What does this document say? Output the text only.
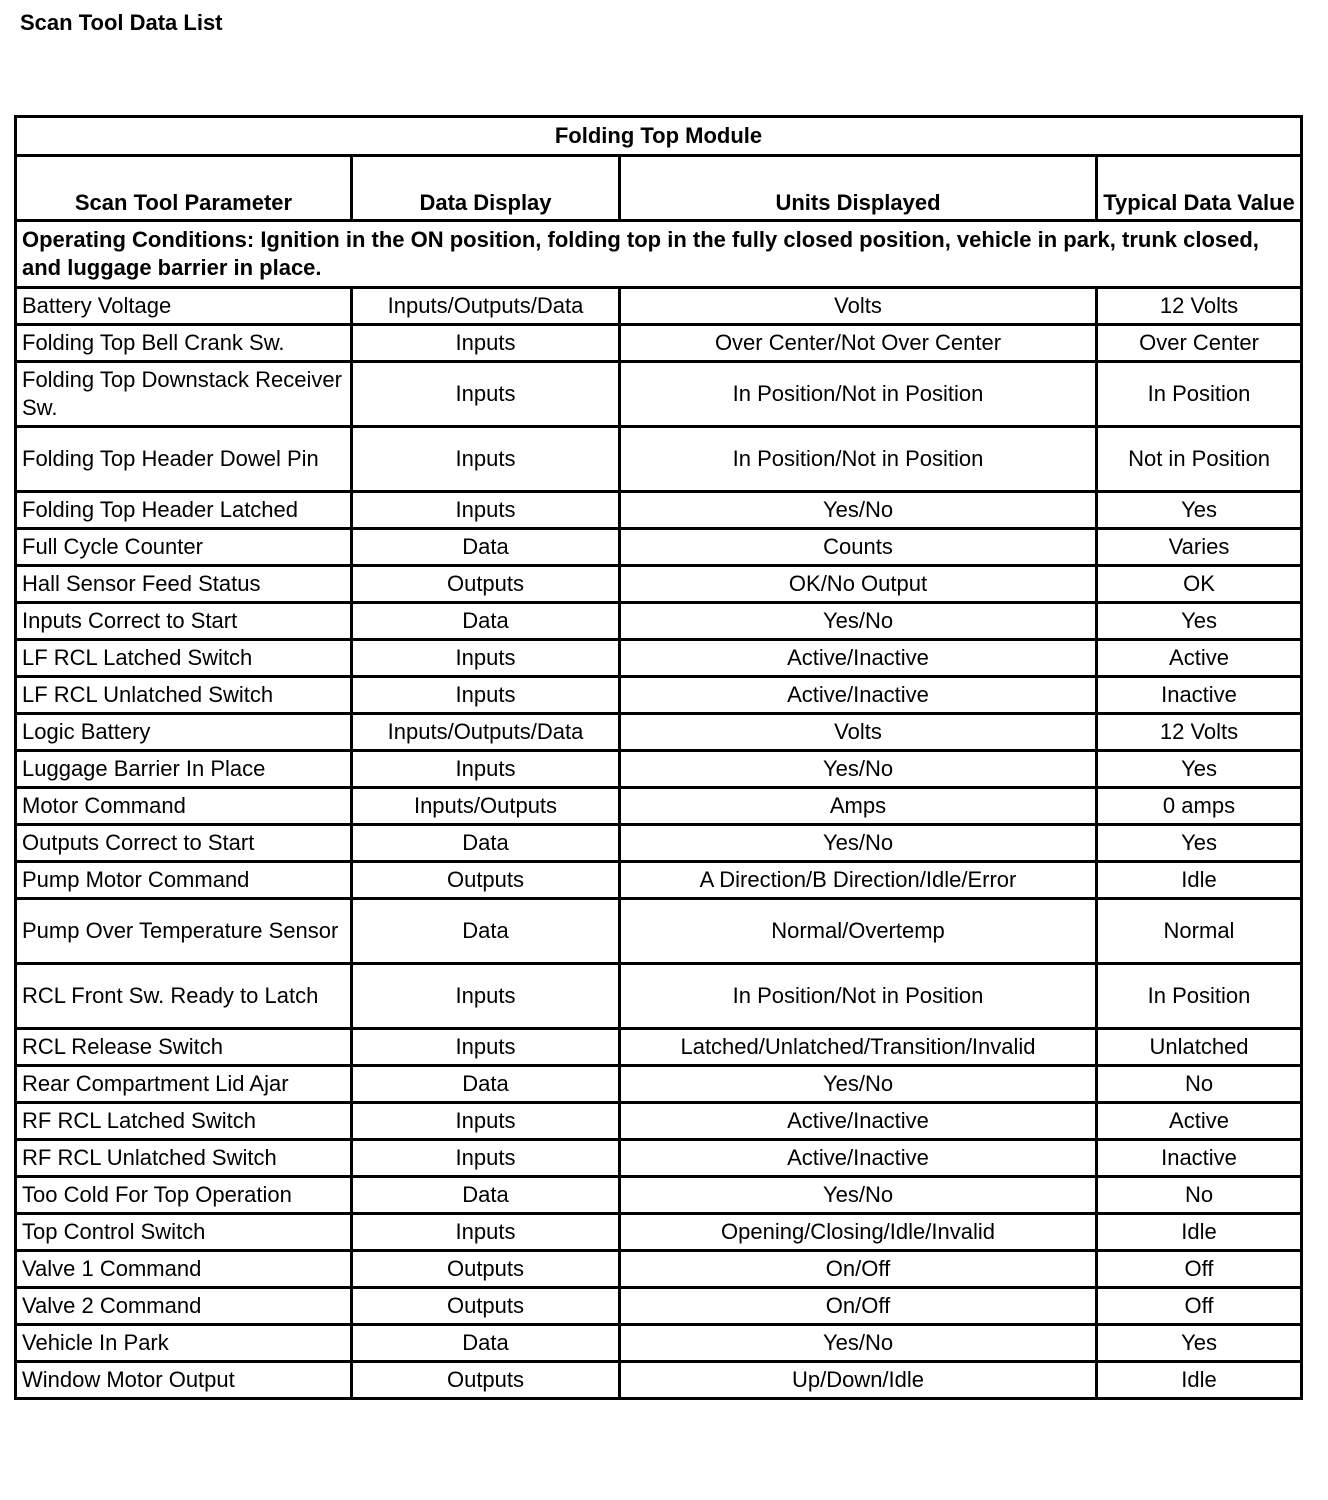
Scan Tool Data List
Folding Top Module			
Scan Tool Parameter	Data Display	Units Displayed	Typical Data Value
Operating Conditions: Ignition in the ON position, folding top in the fully closed position, vehicle in park, trunk closed, and luggage barrier in place.			
Battery Voltage	Inputs/Outputs/Data	Volts	12 Volts
Folding Top Bell Crank Sw.	Inputs	Over Center/Not Over Center	Over Center
Folding Top Downstack Receiver Sw.	Inputs	In Position/Not in Position	In Position
Folding Top Header Dowel Pin	Inputs	In Position/Not in Position	Not in Position
Folding Top Header Latched	Inputs	Yes/No	Yes
Full Cycle Counter	Data	Counts	Varies
Hall Sensor Feed Status	Outputs	OK/No Output	OK
Inputs Correct to Start	Data	Yes/No	Yes
LF RCL Latched Switch	Inputs	Active/Inactive	Active
LF RCL Unlatched Switch	Inputs	Active/Inactive	Inactive
Logic Battery	Inputs/Outputs/Data	Volts	12 Volts
Luggage Barrier In Place	Inputs	Yes/No	Yes
Motor Command	Inputs/Outputs	Amps	0 amps
Outputs Correct to Start	Data	Yes/No	Yes
Pump Motor Command	Outputs	A Direction/B Direction/Idle/Error	Idle
Pump Over Temperature Sensor	Data	Normal/Overtemp	Normal
RCL Front Sw. Ready to Latch	Inputs	In Position/Not in Position	In Position
RCL Release Switch	Inputs	Latched/Unlatched/Transition/Invalid	Unlatched
Rear Compartment Lid Ajar	Data	Yes/No	No
RF RCL Latched Switch	Inputs	Active/Inactive	Active
RF RCL Unlatched Switch	Inputs	Active/Inactive	Inactive
Too Cold For Top Operation	Data	Yes/No	No
Top Control Switch	Inputs	Opening/Closing/Idle/Invalid	Idle
Valve 1 Command	Outputs	On/Off	Off
Valve 2 Command	Outputs	On/Off	Off
Vehicle In Park	Data	Yes/No	Yes
Window Motor Output	Outputs	Up/Down/Idle	Idle
